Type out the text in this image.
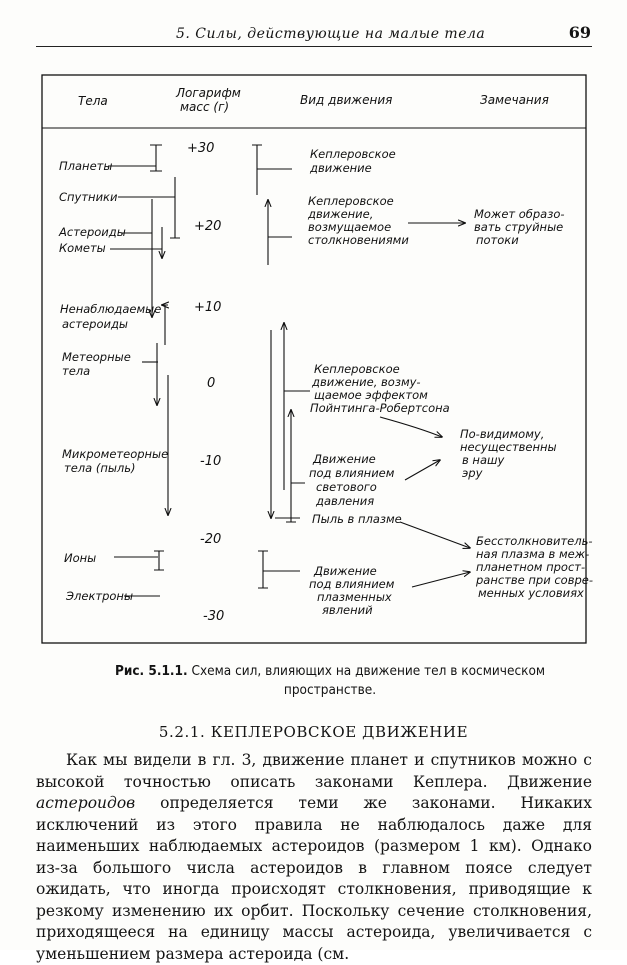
5. Силы, действующие на малые тела	69
Тела
Логарифм
масс (г)	Вид движения	Замечания
+30
+20
+10
0
-10
-20
-30
Планеты
Спутники
Астероиды
Кометы
Ненаблюдаемые
астероиды
Метеорные
тела
Микрометеорные
тела (пыль)
Ионы
Электроны
Кеплеровское
движение
Кеплеровское
движение,
возмущаемое
столкновениями
Кеплеровское
движение, возму-
щаемое эффектом
Пойнтинга-Робертсона
Движение
под влиянием
светового
давления
Пыль в плазме
Движение
под влиянием
плазменных
явлений
Может образо-
вать струйные
потоки
По-видимому,
несущественны
в нашу
эру
Бесстолкновитель-
ная плазма в меж-
планетном прост-
ранстве при совре-
менных условиях
Рис. 5.1.1. Схема сил, влияющих на движение тел в космическом пространстве.
5.2.1. КЕПЛЕРОВСКОЕ ДВИЖЕНИЕ

Как мы видели в гл. 3, движение планет и спутников можно с высокой точностью описать законами Кеплера. Движение астероидов определяется теми же законами. Никаких исключений из этого правила не наблюдалось даже для наименьших наблюдаемых астероидов (размером 1 км). Однако из-за большого числа астероидов в главном поясе следует ожидать, что иногда происходят столкновения, приводящие к резкому изменению их орбит. Поскольку сечение столкновения, приходящееся на единицу массы астероида, увеличивается с уменьшением размера астероида (см.
